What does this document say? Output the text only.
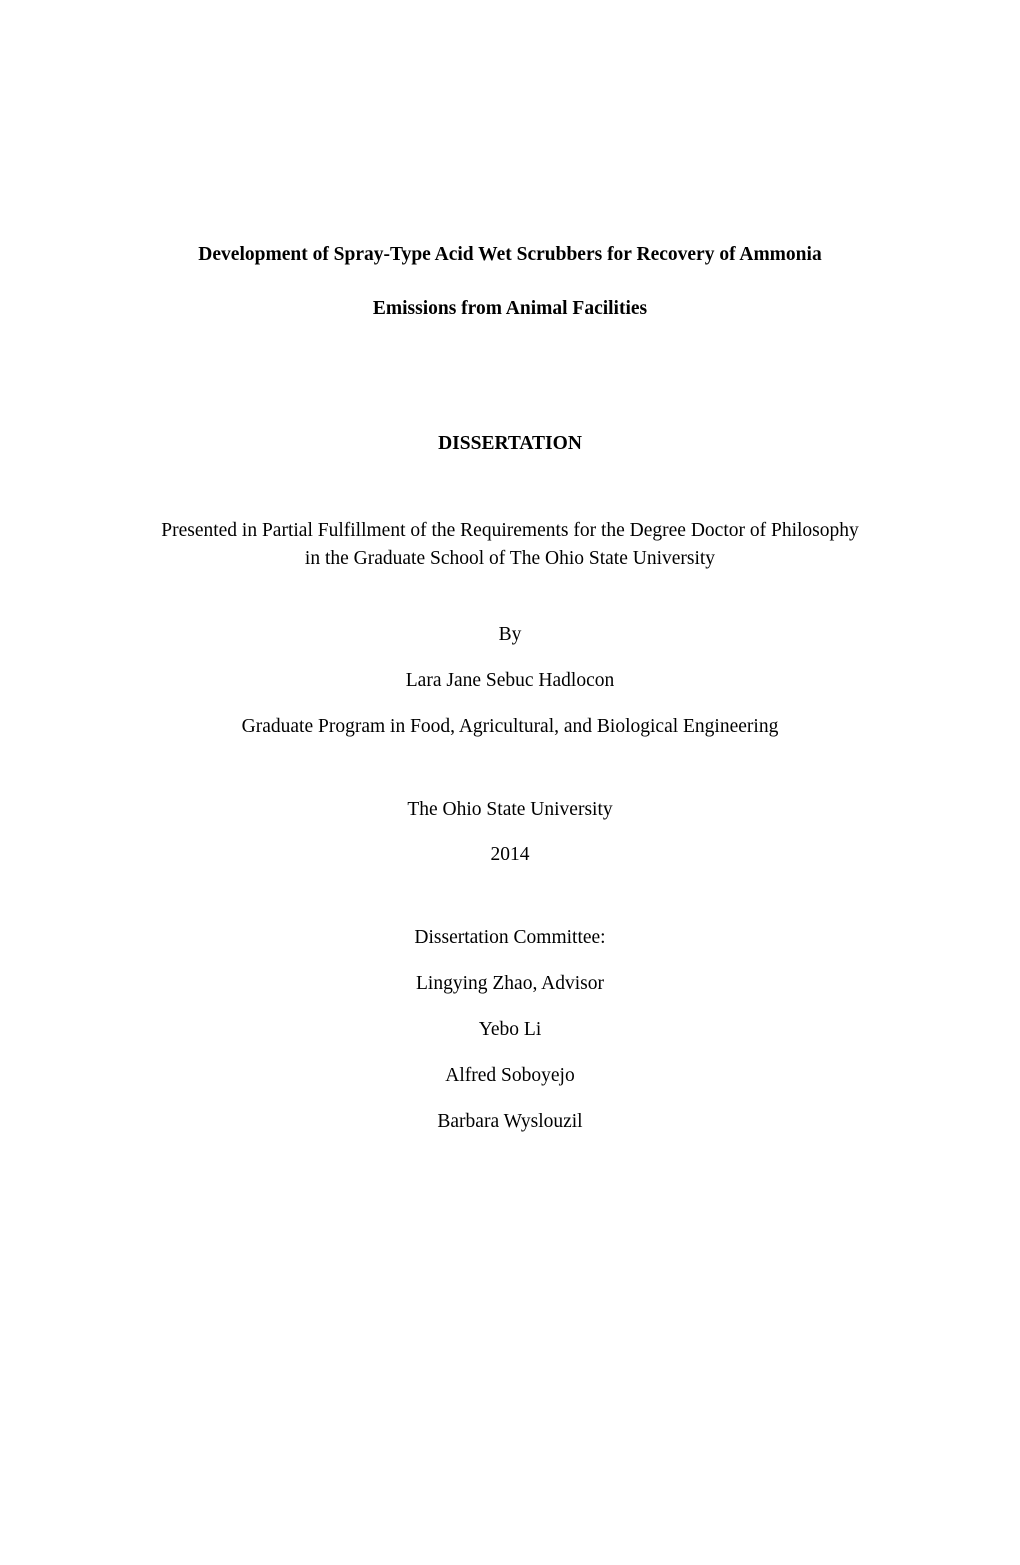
Development of Spray-Type Acid Wet Scrubbers for Recovery of Ammonia
Emissions from Animal Facilities
DISSERTATION
Presented in Partial Fulfillment of the Requirements for the Degree Doctor of Philosophy
in the Graduate School of The Ohio State University
By
Lara Jane Sebuc Hadlocon
Graduate Program in Food, Agricultural, and Biological Engineering
The Ohio State University
2014
Dissertation Committee:
Lingying Zhao, Advisor
Yebo Li
Alfred Soboyejo
Barbara Wyslouzil
